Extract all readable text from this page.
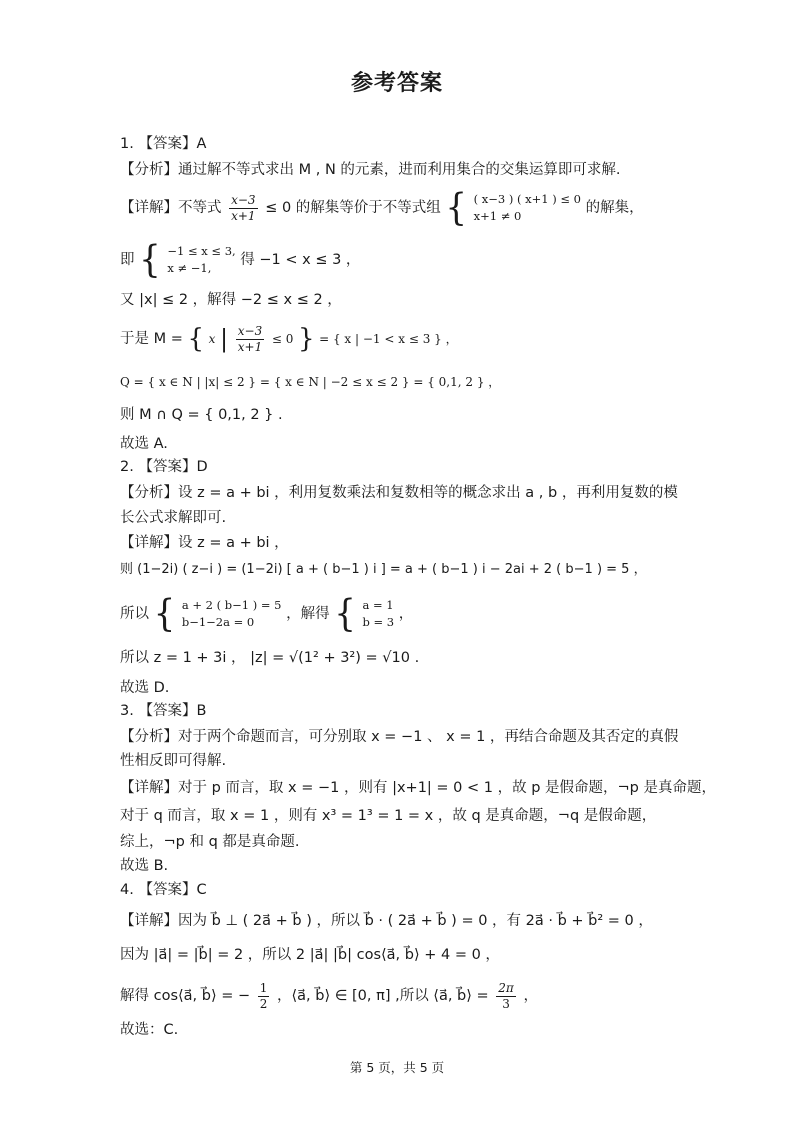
参考答案
1. 【答案】A
【分析】通过解不等式求出 M , N 的元素，进而利用集合的交集运算即可求解.
【详解】不等式 $\frac{x-3}{x+1} \le 0$ 的解集等价于不等式组 { ( x−3 ) ( x+1 ) ≤ 0
x+1 ≠ 0	的解集，
即 { −1 ≤ x ≤ 3,
x ≠ −1,	得 −1 < x ≤ 3 ，
又 |x| ≤ 2 ，解得 −2 ≤ x ≤ 2 ，
于是 M = { x | $\frac{x-3}{x+1} \le 0$ } = { x | −1 < x ≤ 3 } ，
Q = { x ∈ N | |x| ≤ 2 } = { x ∈ N | −2 ≤ x ≤ 2 } = { 0,1, 2 } ，
则 M ∩ Q = { 0,1, 2 } .
故选 A.
2. 【答案】D
【分析】设 z = a + bi ，利用复数乘法和复数相等的概念求出 a , b ，再利用复数的模
长公式求解即可.
【详解】设 z = a + bi ，
则 (1−2i) ( z−i ) = (1−2i) [ a + ( b−1 ) i ] = a + ( b−1 ) i − 2ai + 2 ( b−1 ) = 5 ，
所以 { a + 2 ( b−1 ) = 5
b−1−2a = 0	，解得 { a = 1
b = 3 ，
所以 z = 1 + 3i ， |z| = √(1² + 3²) = √10 .
故选 D.
3. 【答案】B
【分析】对于两个命题而言，可分别取 x = −1 、 x = 1 ，再结合命题及其否定的真假
性相反即可得解.
【详解】对于 p 而言，取 x = −1 ，则有 |x+1| = 0 < 1 ，故 p 是假命题，¬p 是真命题，
对于 q 而言，取 x = 1 ，则有 x³ = 1³ = 1 = x ，故 q 是真命题，¬q 是假命题，
综上，¬p 和 q 都是真命题.
故选 B.
4. 【答案】C
【详解】因为 b⃗ ⊥ ( 2a⃗ + b⃗ ) ，所以 b⃗ · ( 2a⃗ + b⃗ ) = 0 ，有 2a⃗ · b⃗ + b⃗² = 0 ，
因为 |a⃗| = |b⃗| = 2 ，所以 2 |a⃗| |b⃗| cos⟨a⃗, b⃗⟩ + 4 = 0 ，
解得 cos⟨a⃗, b⃗⟩ = − $\frac{1}{2}$ ，⟨a⃗, b⃗⟩ ∈ [0, π] ,所以 ⟨a⃗, b⃗⟩ = $\frac{2\pi}{3}$ ，
故选：C.
第 5 页，共 5 页
